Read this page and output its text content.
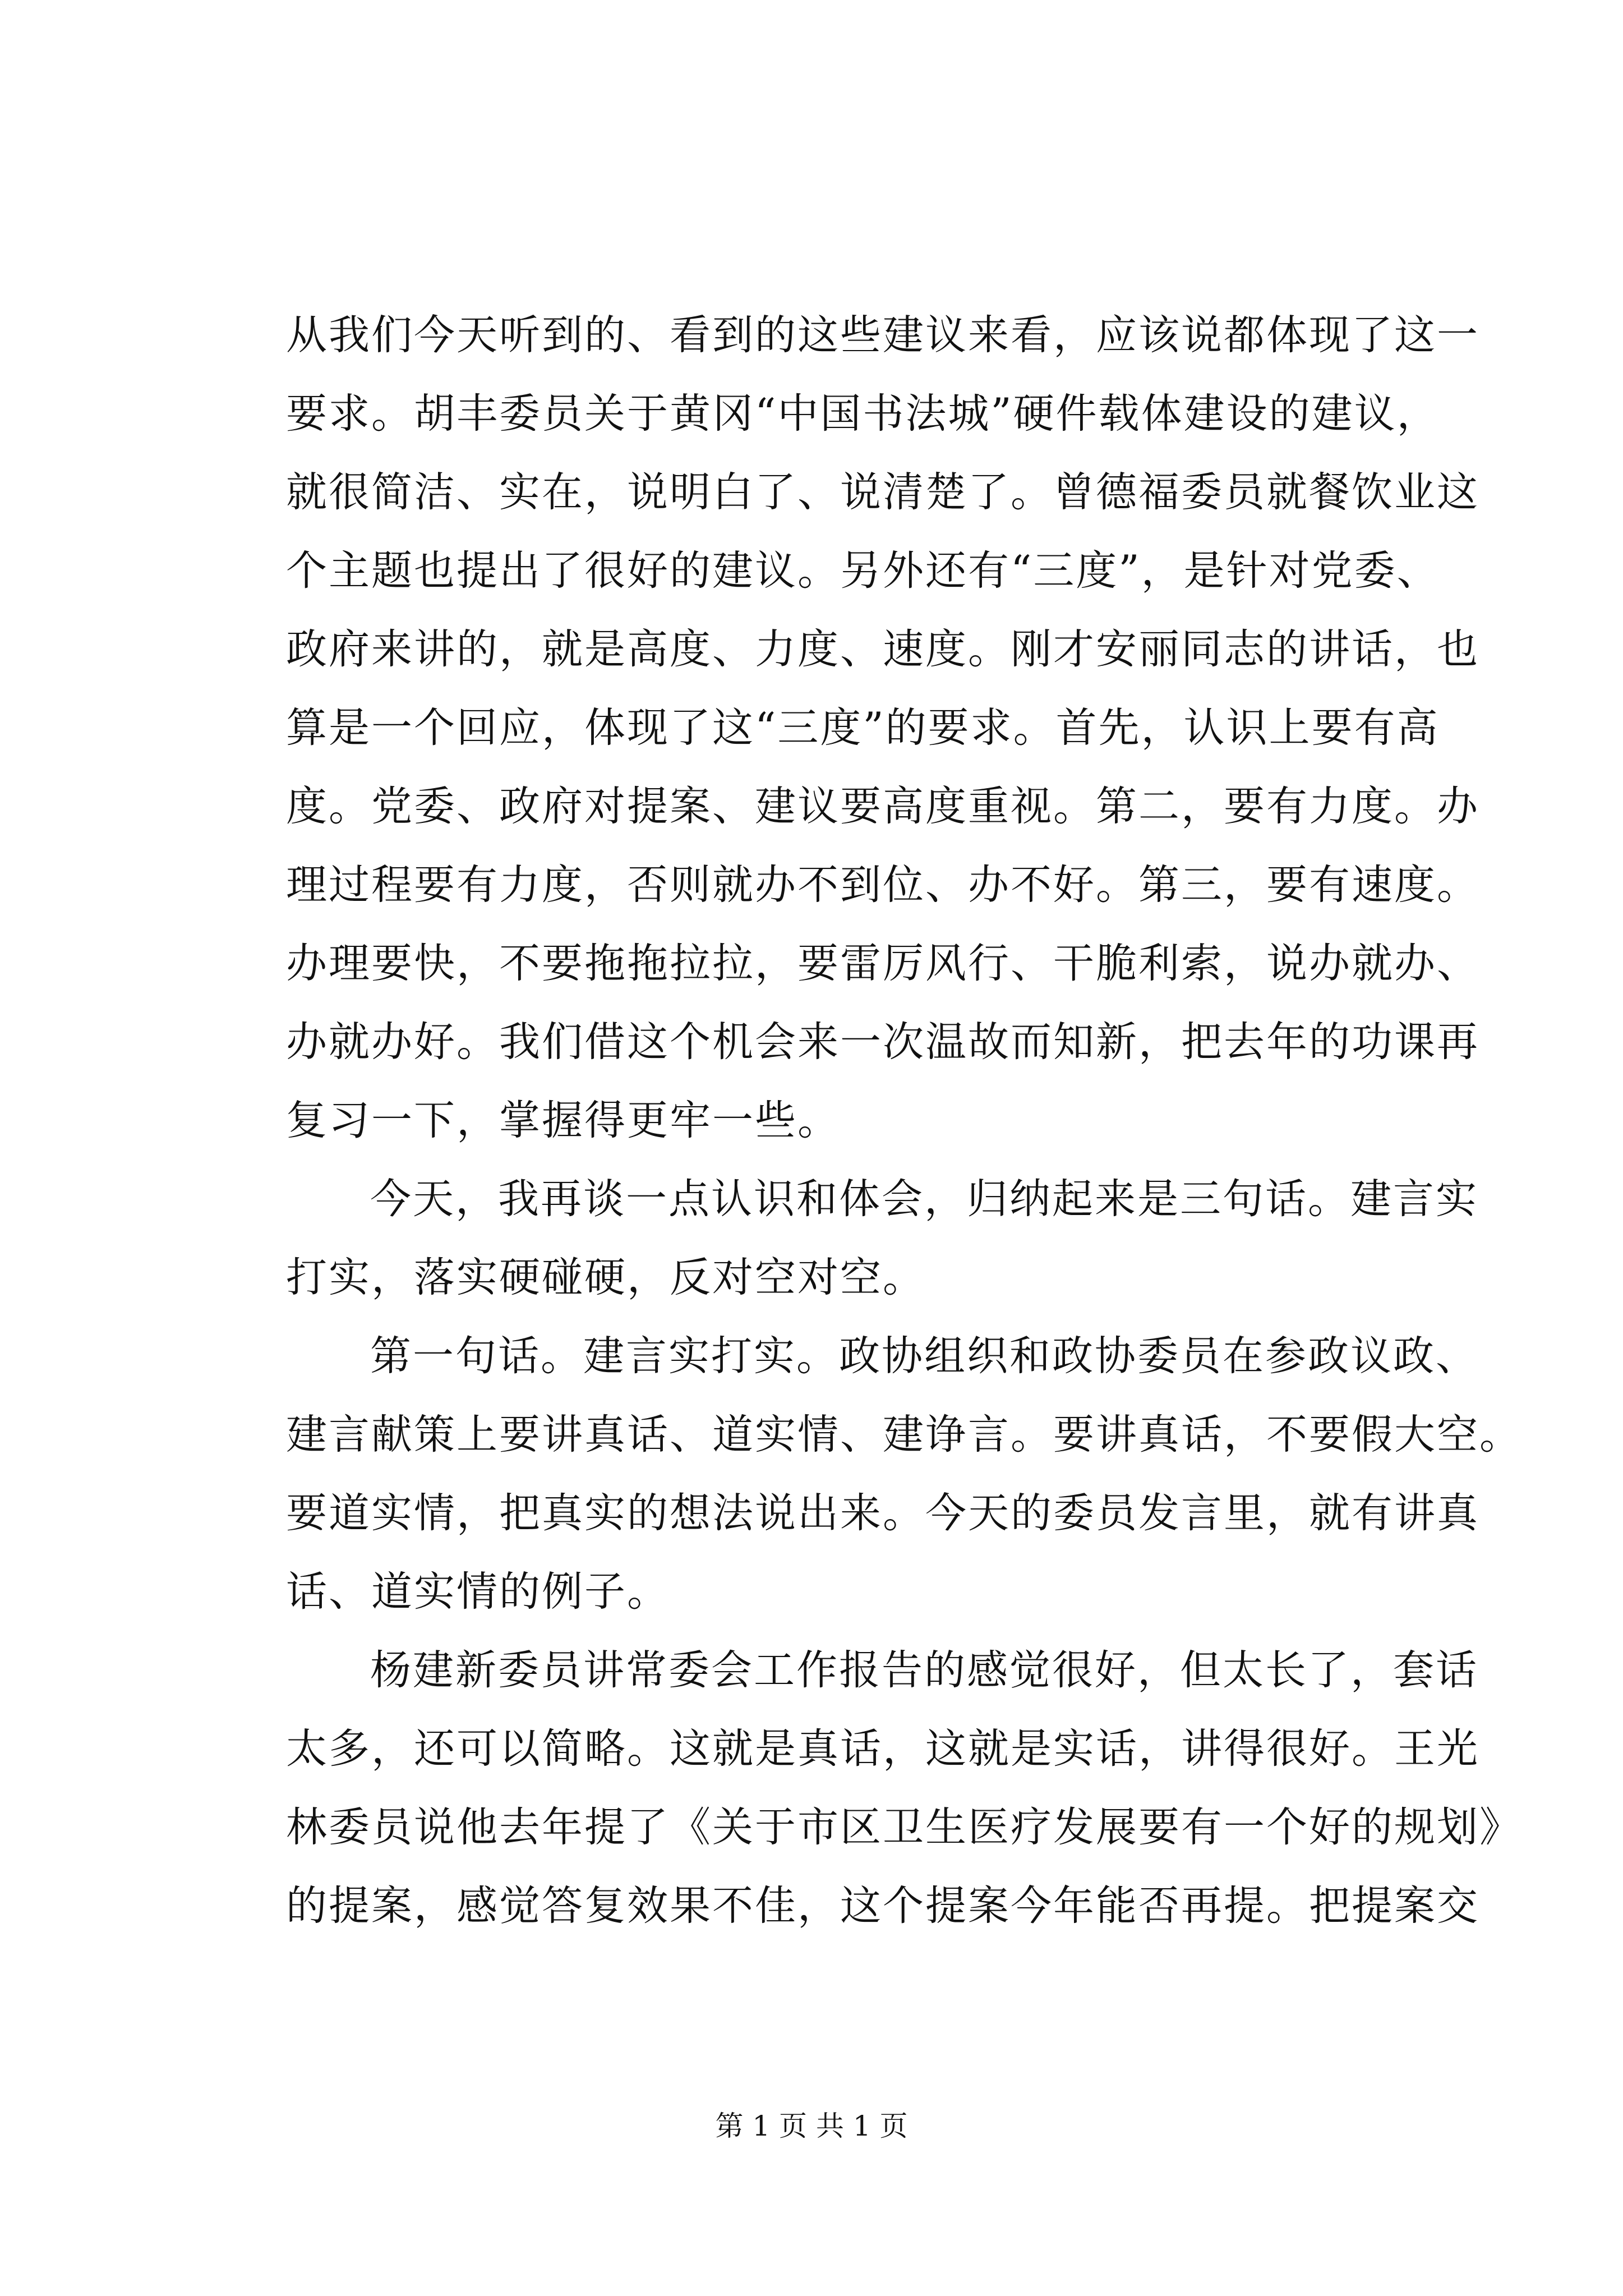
从我们今天听到的、看到的这些建议来看，应该说都体现了这一
要求。胡丰委员关于黄冈“中国书法城”硬件载体建设的建议，
就很简洁、实在，说明白了、说清楚了。曾德福委员就餐饮业这
个主题也提出了很好的建议。另外还有“三度”，是针对党委、
政府来讲的，就是高度、力度、速度。刚才安丽同志的讲话，也
算是一个回应，体现了这“三度”的要求。首先，认识上要有高
度。党委、政府对提案、建议要高度重视。第二，要有力度。办
理过程要有力度，否则就办不到位、办不好。第三，要有速度。
办理要快，不要拖拖拉拉，要雷厉风行、干脆利索，说办就办、
办就办好。我们借这个机会来一次温故而知新，把去年的功课再
复习一下，掌握得更牢一些。
今天，我再谈一点认识和体会，归纳起来是三句话。建言实
打实，落实硬碰硬，反对空对空。
第一句话。建言实打实。政协组织和政协委员在参政议政、
建言献策上要讲真话、道实情、建诤言。要讲真话，不要假大空。
要道实情，把真实的想法说出来。今天的委员发言里，就有讲真
话、道实情的例子。
杨建新委员讲常委会工作报告的感觉很好，但太长了，套话
太多，还可以简略。这就是真话，这就是实话，讲得很好。王光
林委员说他去年提了《关于市区卫生医疗发展要有一个好的规划》
的提案，感觉答复效果不佳，这个提案今年能否再提。把提案交
第 1 页 共 1 页
